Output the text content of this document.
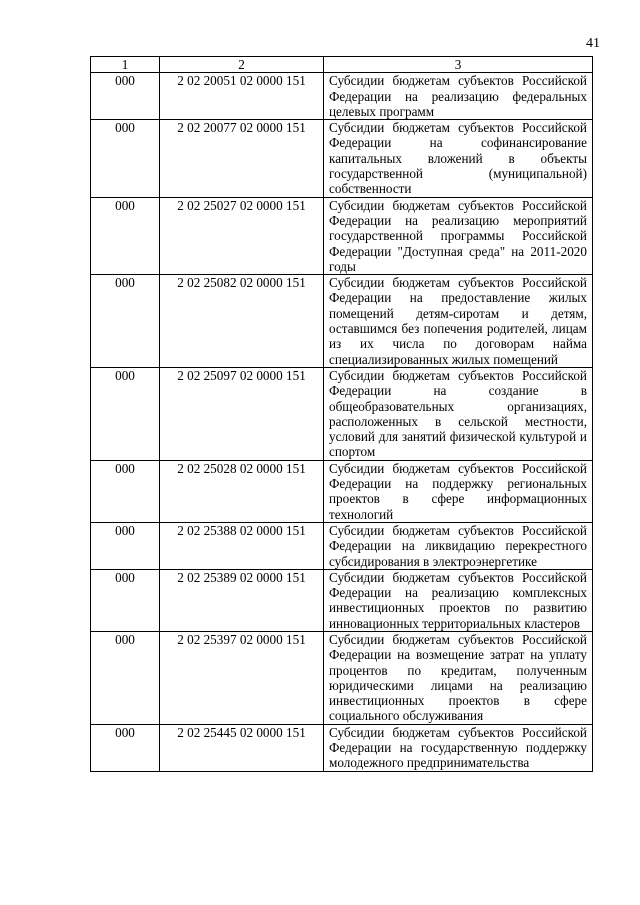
41
1	2	3
000	2 02 20051 02 0000 151	Субсидии бюджетам субъектов Российской Федерации на реализацию федеральных целевых программ
000	2 02 20077 02 0000 151	Субсидии бюджетам субъектов Российской Федерации на софинансирование капитальных вложений в объекты государственной (муниципальной) собственности
000	2 02 25027 02 0000 151	Субсидии бюджетам субъектов Российской Федерации на реализацию мероприятий государственной программы Российской Федерации "Доступная среда" на 2011-2020 годы
000	2 02 25082 02 0000 151	Субсидии бюджетам субъектов Российской Федерации на предоставление жилых помещений детям-сиротам и детям, оставшимся без попечения родителей, лицам из их числа по договорам найма специализированных жилых помещений
000	2 02 25097 02 0000 151	Субсидии бюджетам субъектов Российской Федерации на создание в общеобразовательных организациях, расположенных в сельской местности, условий для занятий физической культурой и спортом
000	2 02 25028 02 0000 151	Субсидии бюджетам субъектов Российской Федерации на поддержку региональных проектов в сфере информационных технологий
000	2 02 25388 02 0000 151	Субсидии бюджетам субъектов Российской Федерации на ликвидацию перекрестного субсидирования в электроэнергетике
000	2 02 25389 02 0000 151	Субсидии бюджетам субъектов Российской Федерации на реализацию комплексных инвестиционных проектов по развитию инновационных территориальных кластеров
000	2 02 25397 02 0000 151	Субсидии бюджетам субъектов Российской Федерации на возмещение затрат на уплату процентов по кредитам, полученным юридическими лицами на реализацию инвестиционных проектов в сфере социального обслуживания
000	2 02 25445 02 0000 151	Субсидии бюджетам субъектов Российской Федерации на государственную поддержку молодежного предпринимательства
